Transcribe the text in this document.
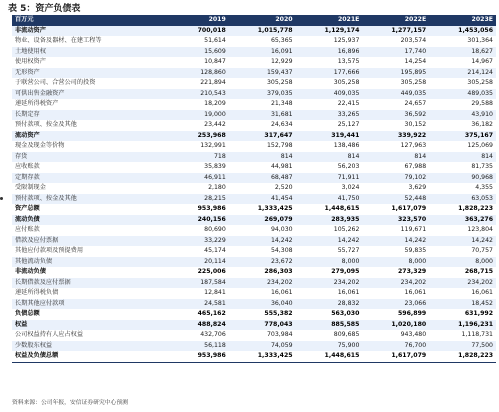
表 5：资产负债表
百万元	2019	2020	2021E	2022E	2023E
非流动资产	700,018	1,015,778	1,129,174	1,277,157	1,453,056
物业、设备及器材、在建工程等	51,614	65,365	125,937	203,574	301,364
土地使用权	15,609	16,091	16,896	17,740	18,627
使用权资产	10,847	12,929	13,575	14,254	14,967
无形资产	128,860	159,437	177,666	195,895	214,124
于联营公司、合营公司的投资	221,894	305,258	305,258	305,258	305,258
可供出售金融资产	210,543	379,035	409,035	449,035	489,035
递延所得税资产	18,209	21,348	22,415	24,657	29,588
长期定存	19,000	31,681	33,265	36,592	43,910
预付款项、按金及其他	23,442	24,634	25,127	30,152	36,182
流动资产	253,968	317,647	319,441	339,922	375,167
现金及现金等价物	132,991	152,798	138,486	127,963	125,069
存货	718	814	814	814	814
应收账款	35,839	44,981	56,203	67,988	81,735
定期存款	46,911	68,487	71,911	79,102	90,968
受限制现金	2,180	2,520	3,024	3,629	4,355
预付款项、按金及其他	28,215	41,454	41,750	52,448	63,053
资产总额	953,986	1,333,425	1,448,615	1,617,079	1,828,223
流动负债	240,156	269,079	283,935	323,570	363,276
应付账款	80,690	94,030	105,262	119,671	123,804
借款及应付票据	33,229	14,242	14,242	14,242	14,242
其他应付款项及预提费用	45,174	54,308	55,727	59,835	70,757
其他流动负债	20,114	23,672	8,000	8,000	8,000
非流动负债	225,006	286,303	279,095	273,329	268,715
长期借款及应付票据	187,584	234,202	234,202	234,202	234,202
递延所得税负债	12,841	16,061	16,061	16,061	16,061
长期其他应付款项	24,581	36,040	28,832	23,066	18,452
负债总额	465,162	555,382	563,030	596,899	631,992
权益	488,824	778,043	885,585	1,020,180	1,196,231
公司权益持有人应占权益	432,706	703,984	809,685	943,480	1,118,731
少数股东权益	56,118	74,059	75,900	76,700	77,500
权益及负债总额	953,986	1,333,425	1,448,615	1,617,079	1,828,223
资料来源：公司年报，安信证券研究中心预测
